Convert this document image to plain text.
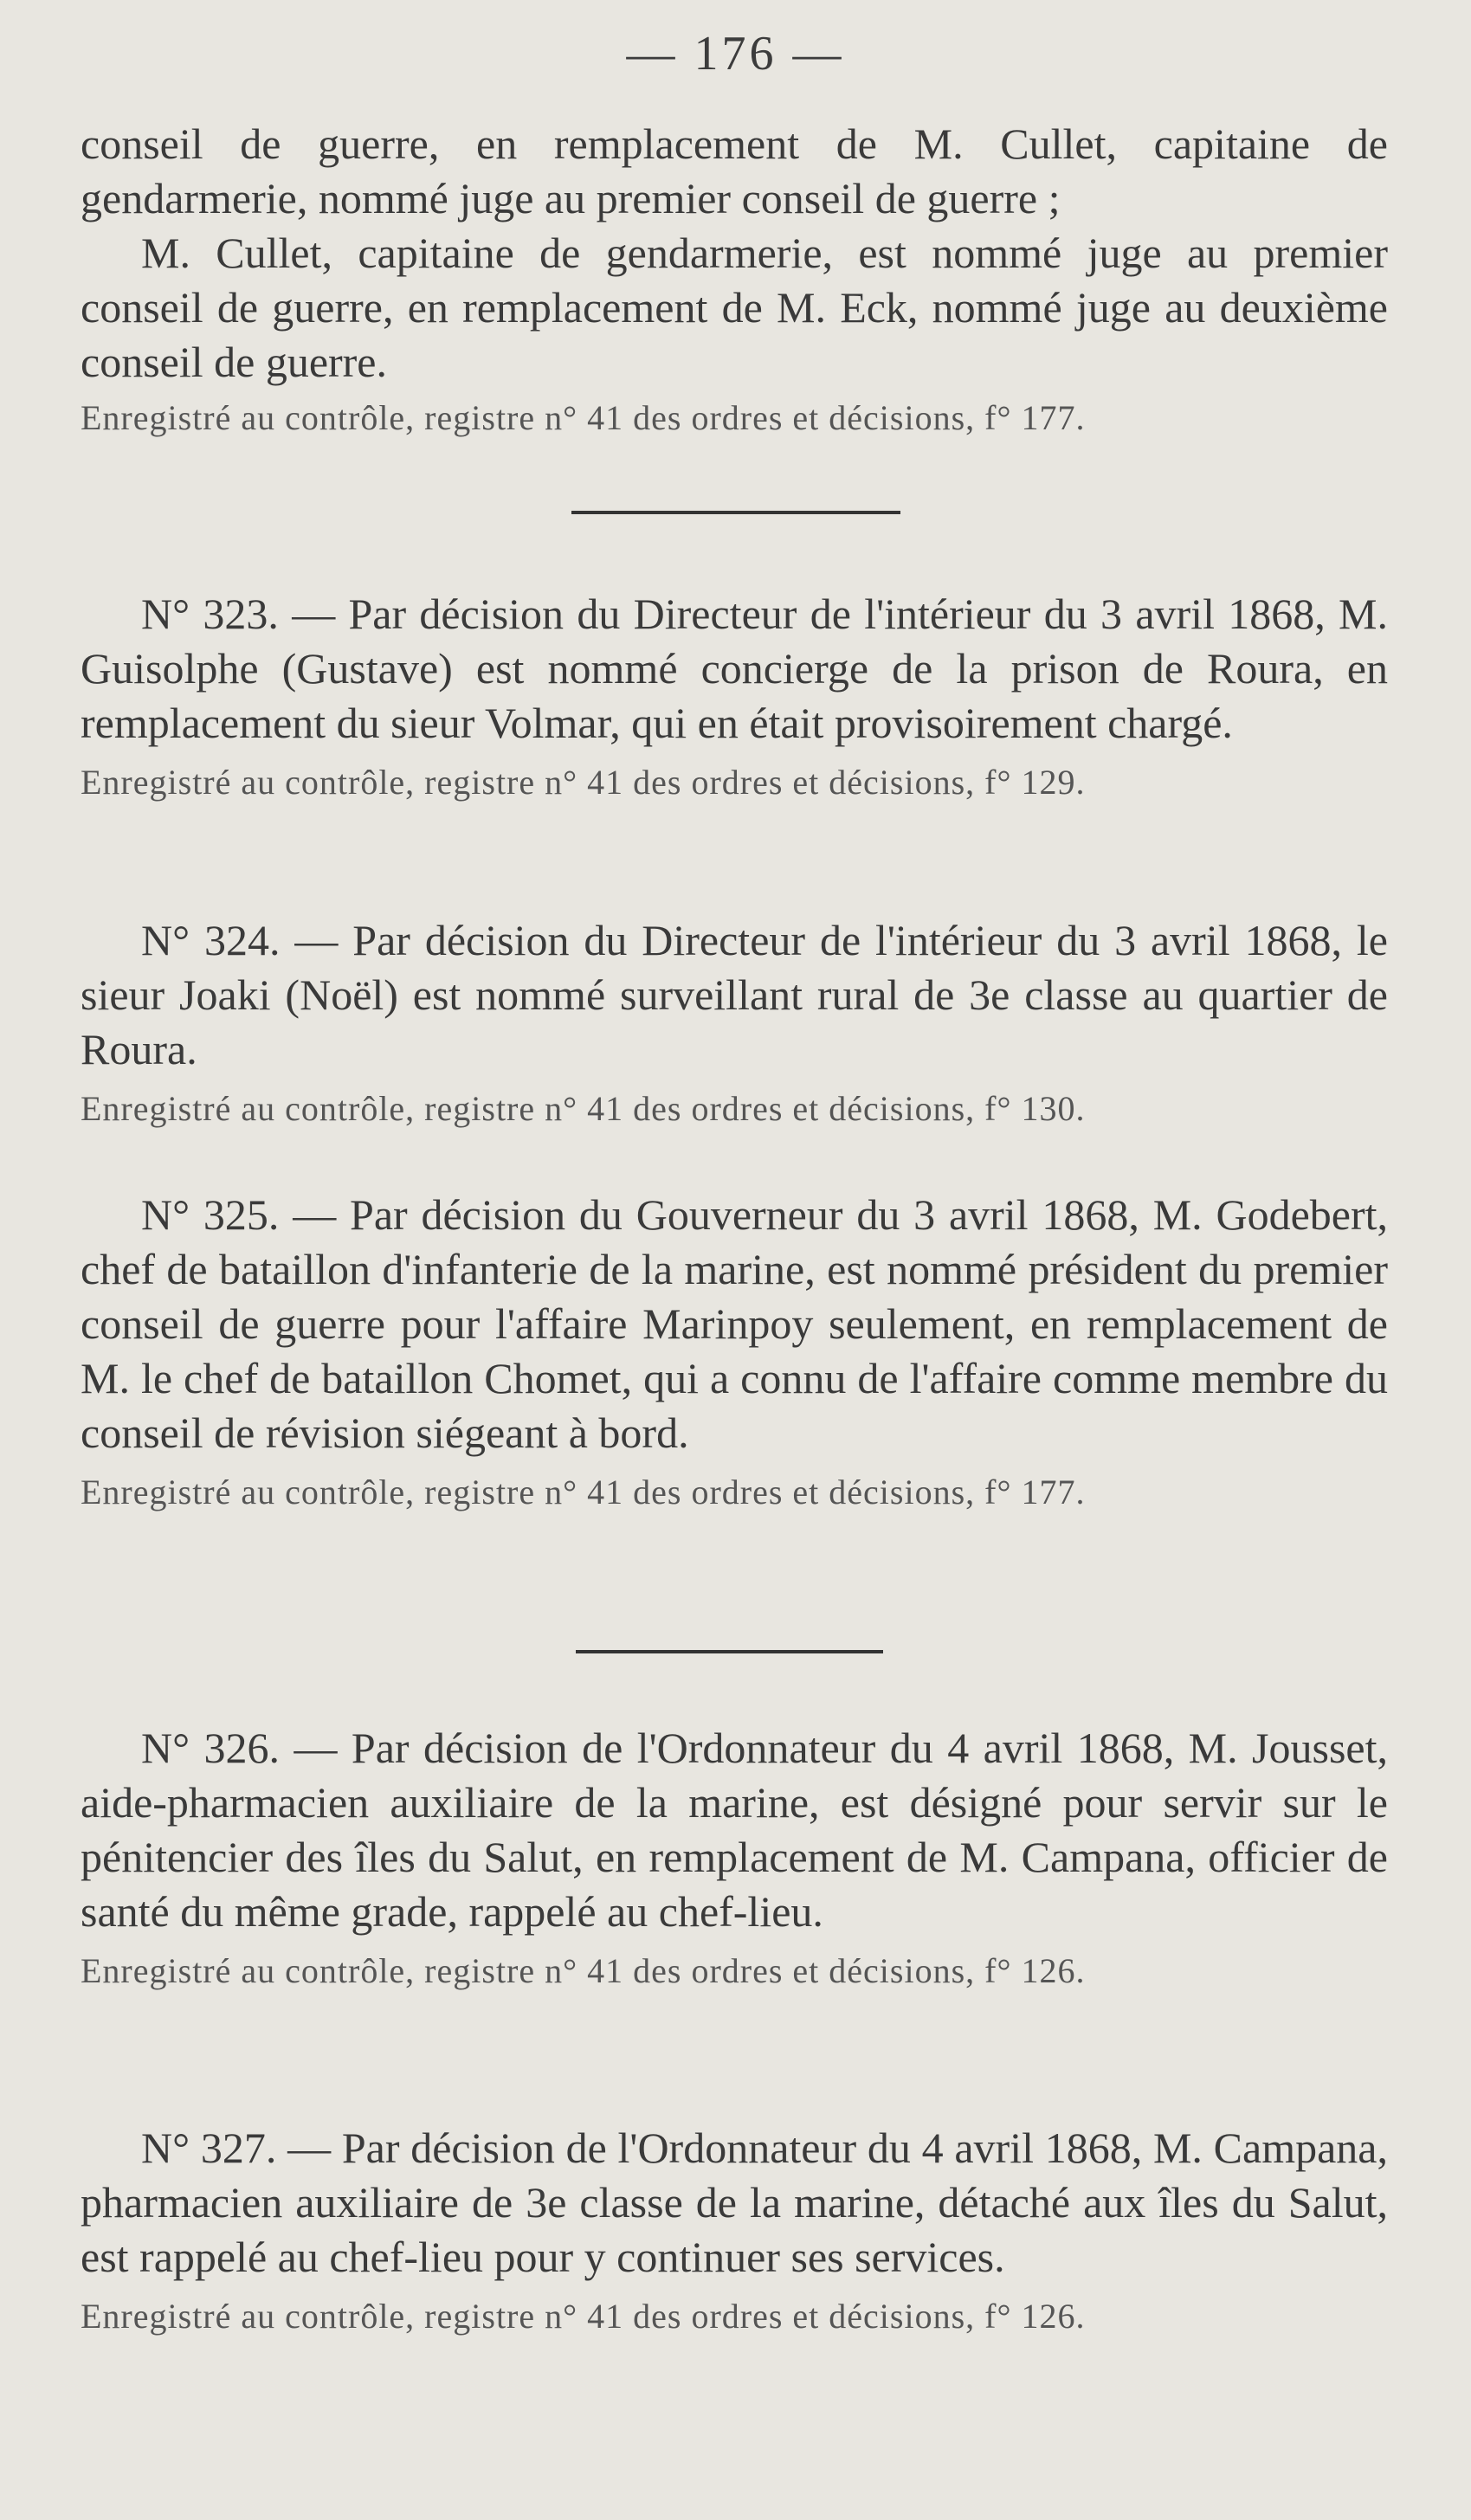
— 176 —

conseil de guerre, en remplacement de M. Cullet, capitaine de gendarmerie, nommé juge au premier conseil de guerre ;

M. Cullet, capitaine de gendarmerie, est nommé juge au premier conseil de guerre, en remplacement de M. Eck, nommé juge au deuxième conseil de guerre.

Enregistré au contrôle, registre n° 41 des ordres et décisions, f° 177.

N° 323. — Par décision du Directeur de l'intérieur du 3 avril 1868, M. Guisolphe (Gustave) est nommé concierge de la prison de Roura, en remplacement du sieur Volmar, qui en était provisoirement chargé.

Enregistré au contrôle, registre n° 41 des ordres et décisions, f° 129.

N° 324. — Par décision du Directeur de l'intérieur du 3 avril 1868, le sieur Joaki (Noël) est nommé surveillant rural de 3e classe au quartier de Roura.

Enregistré au contrôle, registre n° 41 des ordres et décisions, f° 130.

N° 325. — Par décision du Gouverneur du 3 avril 1868, M. Godebert, chef de bataillon d'infanterie de la marine, est nommé président du premier conseil de guerre pour l'affaire Marinpoy seulement, en remplacement de M. le chef de bataillon Chomet, qui a connu de l'affaire comme membre du conseil de révision siégeant à bord.

Enregistré au contrôle, registre n° 41 des ordres et décisions, f° 177.

N° 326. — Par décision de l'Ordonnateur du 4 avril 1868, M. Jousset, aide-pharmacien auxiliaire de la marine, est désigné pour servir sur le pénitencier des îles du Salut, en remplacement de M. Campana, officier de santé du même grade, rappelé au chef-lieu.

Enregistré au contrôle, registre n° 41 des ordres et décisions, f° 126.

N° 327. — Par décision de l'Ordonnateur du 4 avril 1868, M. Campana, pharmacien auxiliaire de 3e classe de la marine, détaché aux îles du Salut, est rappelé au chef-lieu pour y continuer ses services.

Enregistré au contrôle, registre n° 41 des ordres et décisions, f° 126.
